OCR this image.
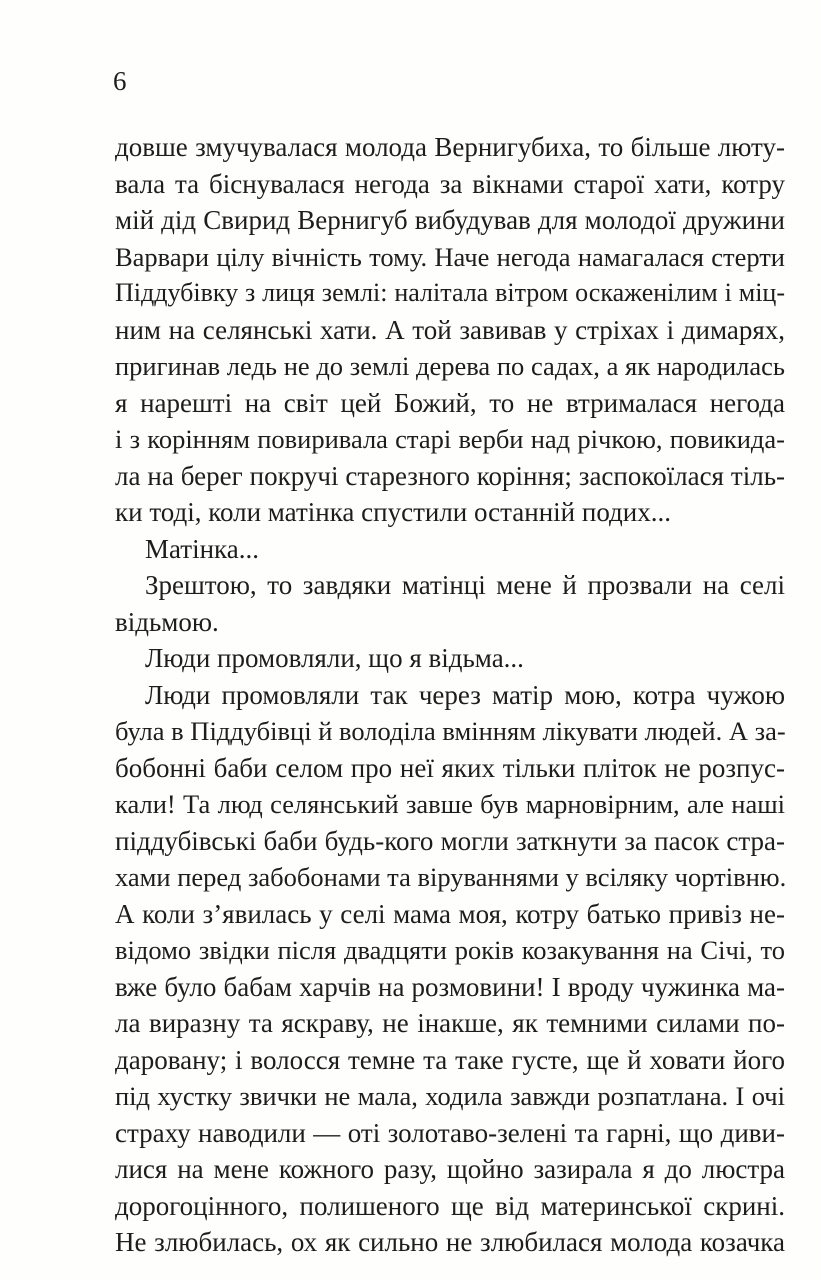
6
довше змучувалася молода Вернигубиха, то більше люту-
вала та біснувалася негода за вікнами старої хати, котру
мій дід Свирид Вернигуб вибудував для молодої дружини
Варвари цілу вічність тому. Наче негода намагалася стерти
Піддубівку з лиця землі: налітала вітром оскаженілим і міц-
ним на селянські хати. А той завивав у стріхах і димарях,
пригинав ледь не до землі дерева по садах, а як народилась
я нарешті на світ цей Божий, то не втрималася негода
і з корінням повиривала старі верби над річкою, повикида-
ла на берег покручі старезного коріння; заспокоїлася тіль-
ки тоді, коли матінка спустили останній подих...
Матінка...
Зрештою, то завдяки матінці мене й прозвали на селі
відьмою.
Люди промовляли, що я відьма...
Люди промовляли так через матір мою, котра чужою
була в Піддубівці й володіла вмінням лікувати людей. А за-
бобонні баби селом про неї яких тільки пліток не розпус-
кали! Та люд селянський завше був марновірним, але наші
піддубівські баби будь-кого могли заткнути за пасок стра-
хами перед забобонами та віруваннями у всіляку чортівню.
А коли з’явилась у селі мама моя, котру батько привіз не-
відомо звідки після двадцяти років козакування на Січі, то
вже було бабам харчів на розмовини! І вроду чужинка ма-
ла виразну та яскраву, не інакше, як темними силами по-
даровану; і волосся темне та таке густе, ще й ховати його
під хустку звички не мала, ходила завжди розпатлана. І очі
страху наводили — оті золотаво-зелені та гарні, що диви-
лися на мене кожного разу, щойно зазирала я до люстра
дорогоцінного, полишеного ще від материнської скрині.
Не злюбилась, ох як сильно не злюбилася молода козачка
